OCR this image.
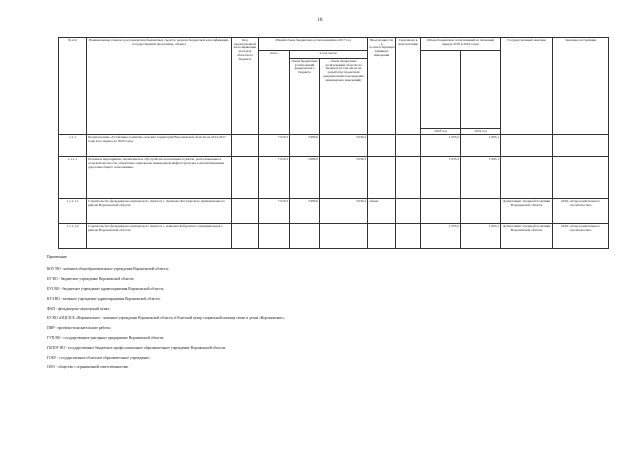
18
№ п/п	Наименование главного распорядителя бюджетных средств, раздела бюджетной классификации, государственной программы, объекта	Код ведомственной классификации расходов областного бюджета	Общий объем бюджетных ассигнований на 2017 год			Ввод мощности в соответствующих единицах измерения	Срок ввода в эксплуатацию	Объем бюджетных ассигнований на плановый период 2018 и 2019 годов		Государственный заказчик	Заказчик-застройщик
			всего	в том числе:							
				объем бюджетных ассигнований федерального бюджета	объем бюджетных ассигнований областного бюджета (в том числе на разработку проектной документации и проведение инженерных изысканий)						
								2018 год	2019 год		
1.1.1	Подпрограмма «Устойчивое развитие сельских территорий Воронежской области на 2014-2017 годы и на период до 2020 года»		7 019,3	3 980,0	3 039,3			1 055,5	1 065,1		
1.1.1.1	Основное мероприятие «Комплексное обустройство населенных пунктов, расположенных в сельской местности, объектами социальной, инженерной инфраструктуры и автомобильными дорогами общего пользования»		7 019,3	3 980,0	3 039,3			1 055,5	1 065,1		
1.1.1.1.1	Строительство фельдшерско-акушерского пункта в с. Дьячково Богучарского муниципального района Воронежской области		7 019,3	3 980,0	3 039,3	объект				Департамент аграрной политики Воронежской области	ООО «Отдел капитального строительства»
1.1.1.1.2	Строительство фельдшерско-акушерского пункта в с. Анновка Бобровского муниципального района Воронежской области							1 055,5	1 065,1	Департамент аграрной политики Воронежской области	ООО «Отдел капитального строительства»
Примечание:
КОУ ВО - казенное общеобразовательное учреждение Воронежской области;
БУ ВО - бюджетное учреждение Воронежской области;
БУЗ ВО - бюджетное учреждение здравоохранения Воронежской области;
КУЗ ВО - казенное учреждение здравоохранения Воронежской области;
ФАП - фельдшерско-акушерский пункт;
БУ ВО «ОЦСЗСЕ «Воронежские» - казенное учреждение Воронежской области «Областной центр социальной помощи семье и детям «Воронежские»;
ПИР - проектно-изыскательские работы;
ГУП ВО - государственное унитарное предприятие Воронежской области;
ГБПОУ ВО - государственное бюджетное профессиональное образовательное учреждение Воронежской области;
ГОБУ - государственное областное образовательное учреждение;
ООО - общество с ограниченной ответственностью.
